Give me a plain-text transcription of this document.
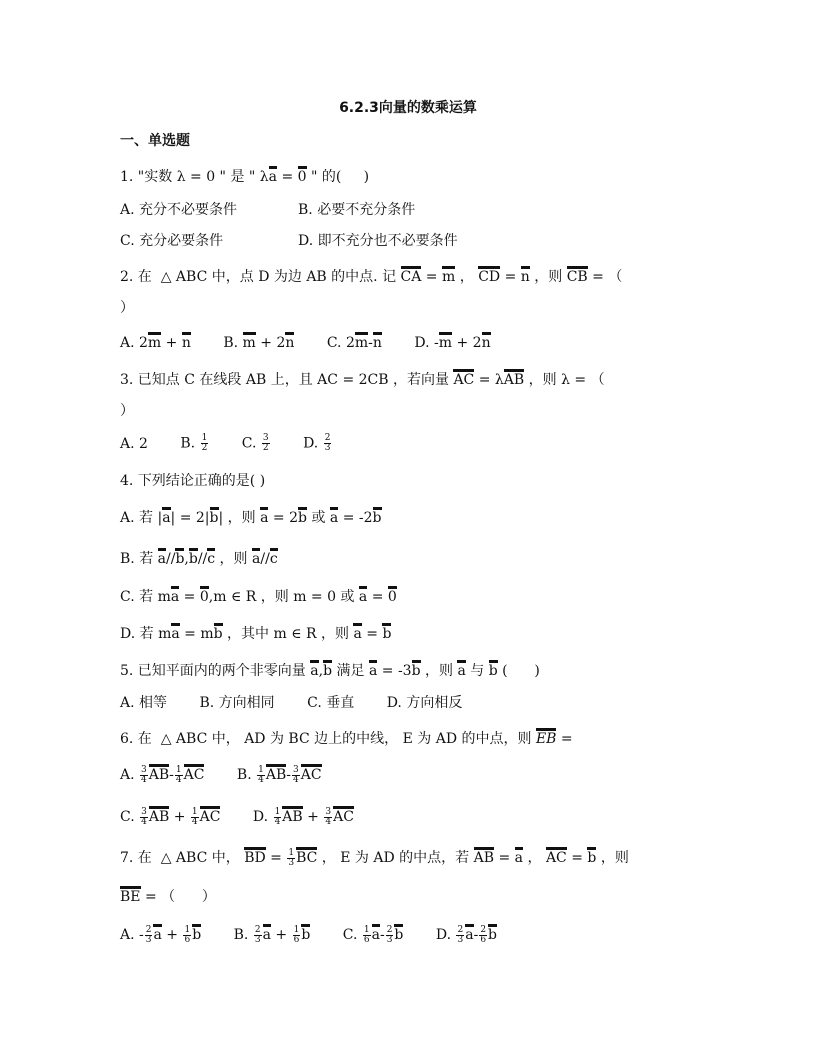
6.2.3向量的数乘运算
一、单选题
1. "实数 λ = 0 " 是 " λa = 0 " 的(     )
A. 充分不必要条件	B. 必要不充分条件
C. 充分必要条件	D. 即不充分也不必要条件
2. 在  △ ABC 中，点 D 为边 AB 的中点. 记 CA = m ， CD = n ，则 CB = （
）
A. 2m + n B. m + 2n C. 2m-n D. -m + 2n
3. 已知点 C 在线段 AB 上，且 AC = 2CB ，若向量 AC = λAB ，则 λ = （
）
A. 2 B. $\frac{1}{2} C$. $\frac{3}{2} D$. $\frac{2}{3}$
4. 下列结论正确的是( )
A. 若 |a| = 2|b| ，则 a = 2b 或 a = -2b
B. 若 a//b,b//c ，则 a//c
C. 若 ma = 0,m ∈ R ，则 m = 0 或 a = 0
D. 若 ma = mb ，其中 m ∈ R ，则 a = b
5. 已知平面内的两个非零向量 a,b 满足 a = -3b ，则 a 与 b (      )
A. 相等 B. 方向相同 C. 垂直 D. 方向相反
6. 在  △ ABC 中， AD 为 BC 边上的中线， E 为 AD 的中点，则 EB =
A. $\frac{3}{4} AB- \frac{1}{4}$ AC B. $\frac{1}{4} AB- \frac{3}{4}$ AC
C. $\frac{3}{4}$ AB + $\frac{1}{4}$ AC D. $\frac{1}{4}$ AB + $\frac{3}{4}$ AC
7. 在  △ ABC 中， BD = $\frac{1}{3}$ BC ， E 为 AD 的中点，若 AB = a ， AC = b ，则
BE = （      ）
A. - $\frac{2}{3}$ $a + \frac{1}{6}$ b B. $\frac{2}{3}$ $a + \frac{1}{6}$ b C. $\frac{1}{6} a- \frac{2}{3}$ b D. $\frac{2}{3} a- \frac{2}{6}$ b
